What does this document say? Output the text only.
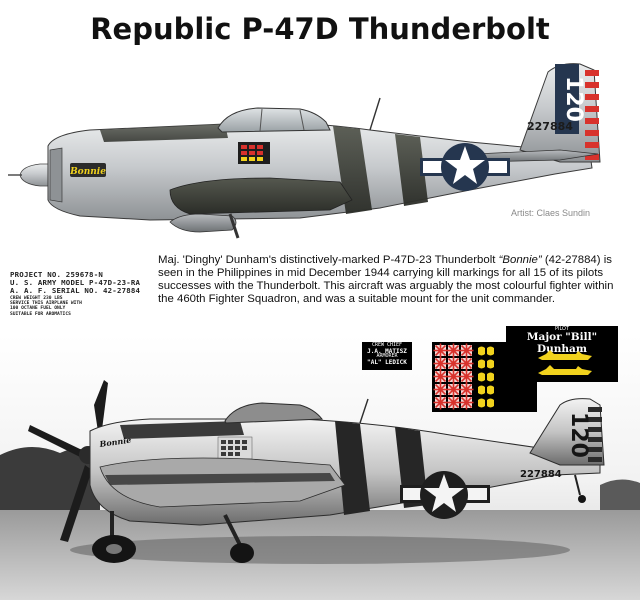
Republic P-47D Thunderbolt
120
227884
Bonnie
Artist: Claes Sundin
Maj. 'Dinghy' Dunham's distinctively-marked P-47D-23 Thunderbolt “Bonnie” (42-27884) is seen in the Philippines in mid December 1944 carrying kill markings for all 15 of its pilots successes with the Thunderbolt. This aircraft was arguably the most colourful fighter within the 460th Fighter Squadron, and was a suitable mount for the unit commander.
PROJECT NO. 259678-N
U. S. ARMY MODEL P-47D-23-RA
A. A. F. SERIAL NO. 42-27884
CREW WEIGHT 230 LBS
SERVICE THIS AIRPLANE WITH
100 OCTANE FUEL ONLY
SUITABLE FOR AROMATICS
Bonnie	120
227884
CREW CHIEF
J.A. MATISZ
ARMORER
"AL" LEDICK
PILOT
Major "Bill" Dunham
